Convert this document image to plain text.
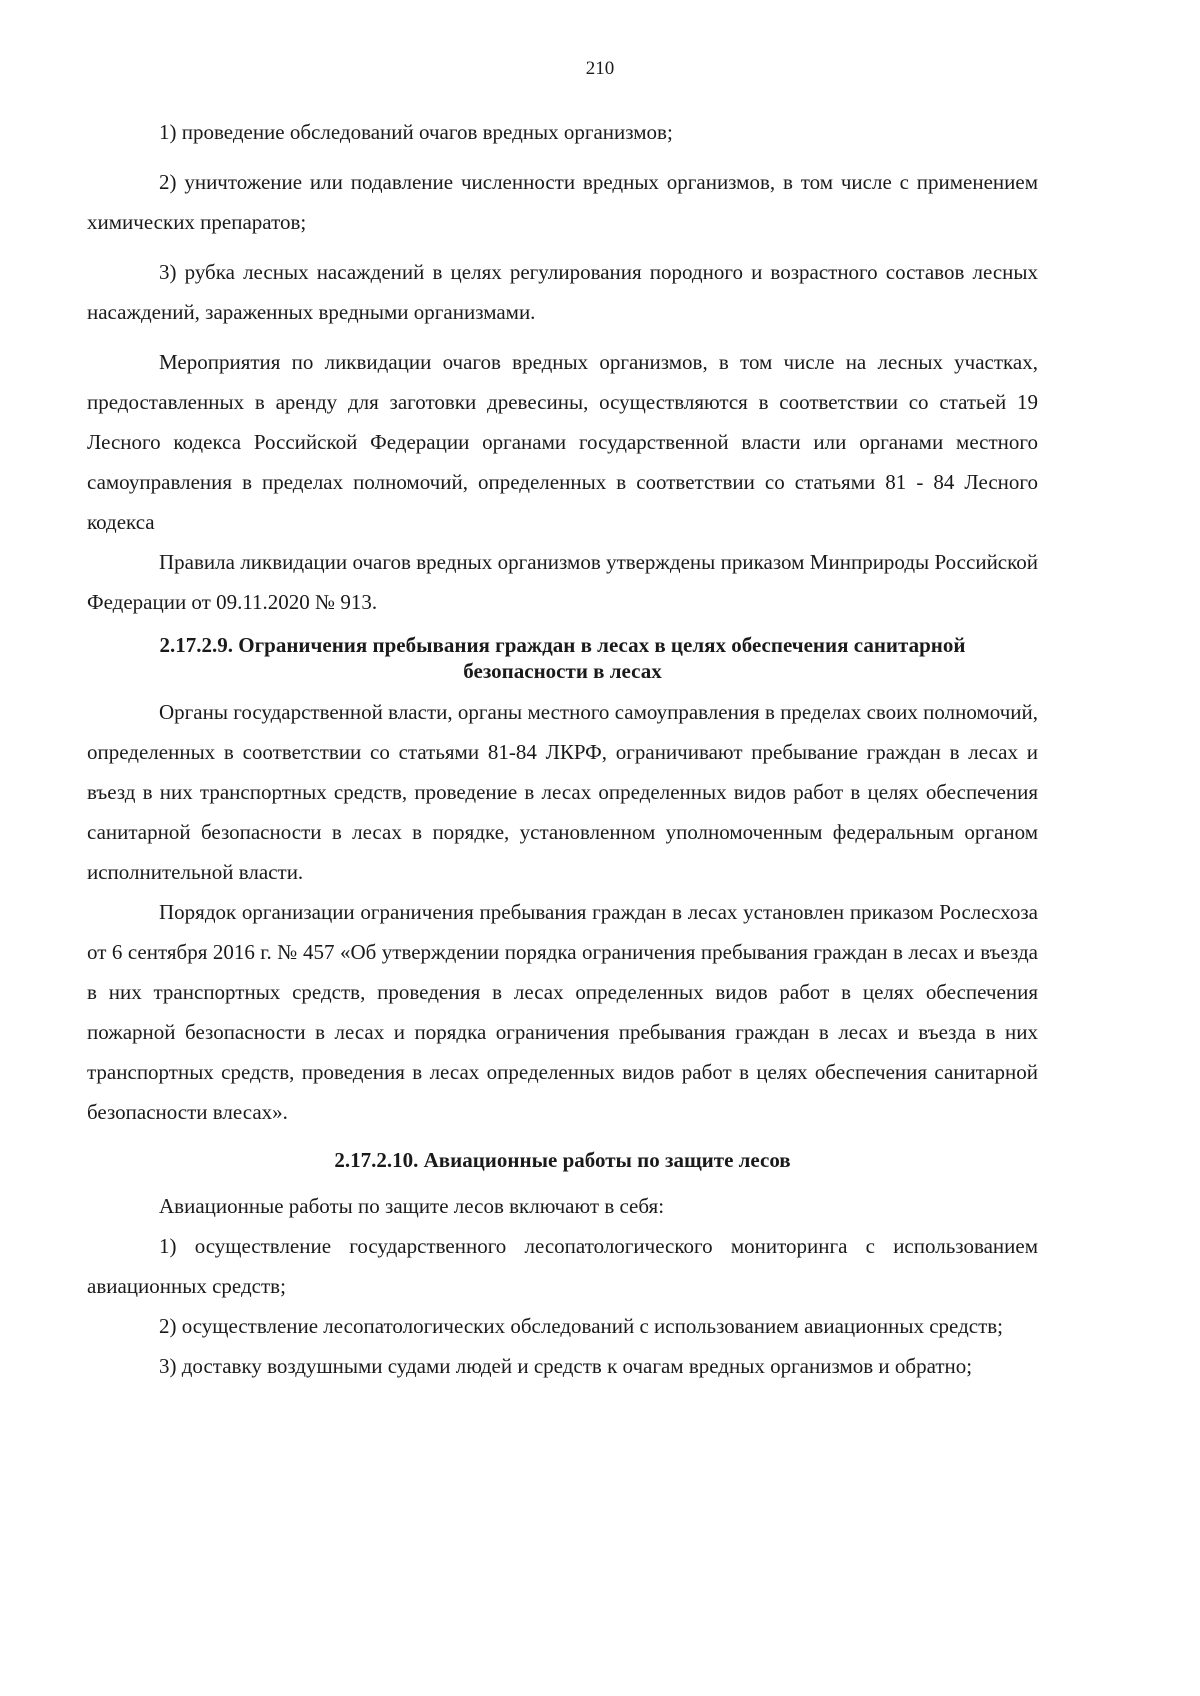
210

1) проведение обследований очагов вредных организмов;

2) уничтожение или подавление численности вредных организмов, в том числе с применением химических препаратов;

3) рубка лесных насаждений в целях регулирования породного и возрастного составов лесных насаждений, зараженных вредными организмами.

Мероприятия по ликвидации очагов вредных организмов, в том числе на лесных участках, предоставленных в аренду для заготовки древесины, осуществляются в соответствии со статьей 19 Лесного кодекса Российской Федерации органами государственной власти или органами местного самоуправления в пределах полномочий, определенных в соответствии со статьями 81 - 84 Лесного кодекса

Правила ликвидации очагов вредных организмов утверждены приказом Минприроды Российской Федерации от 09.11.2020 № 913.

2.17.2.9. Ограничения пребывания граждан в лесах в целях обеспечения санитарной
безопасности в лесах

Органы государственной власти, органы местного самоуправления в пределах своих полномочий, определенных в соответствии со статьями 81-84 ЛКРФ, ограничивают пребывание граждан в лесах и въезд в них транспортных средств, проведение в лесах определенных видов работ в целях обеспечения санитарной безопасности в лесах в порядке, установленном уполномоченным федеральным органом исполнительной власти.

Порядок организации ограничения пребывания граждан в лесах установлен приказом Рослесхоза от 6 сентября 2016 г. № 457 «Об утверждении порядка ограничения пребывания граждан в лесах и въезда в них транспортных средств, проведения в лесах определенных видов работ в целях обеспечения пожарной безопасности в лесах и порядка ограничения пребывания граждан в лесах и въезда в них транспортных средств, проведения в лесах определенных видов работ в целях обеспечения санитарной безопасности влесах».

2.17.2.10. Авиационные работы по защите лесов

Авиационные работы по защите лесов включают в себя:

1) осуществление государственного лесопатологического мониторинга с использованием авиационных средств;

2) осуществление лесопатологических обследований с использованием авиационных средств;

3) доставку воздушными судами людей и средств к очагам вредных организмов и обратно;
